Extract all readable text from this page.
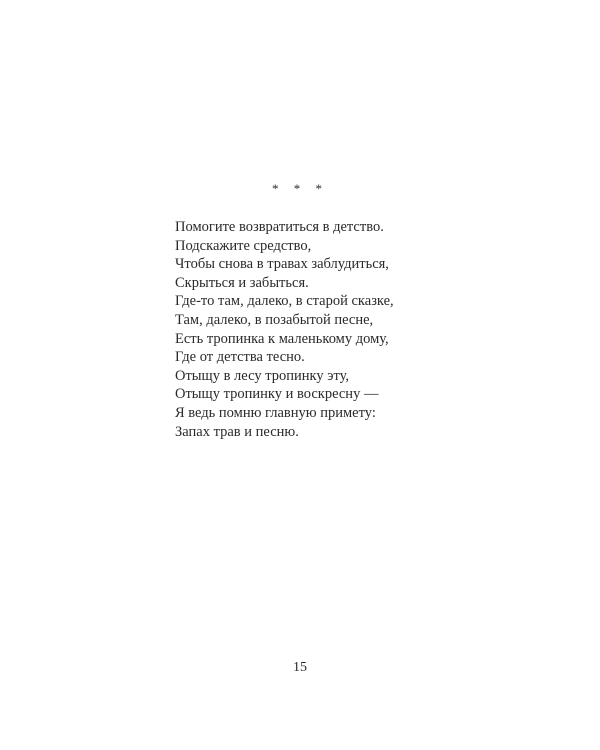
* * *
Помогите возвратиться в детство.
Подскажите средство,
Чтобы снова в травах заблудиться,
Скрыться и забыться.
Где-то там, далеко, в старой сказке,
Там, далеко, в позабытой песне,
Есть тропинка к маленькому дому,
Где от детства тесно.
Отыщу в лесу тропинку эту,
Отыщу тропинку и воскресну —
Я ведь помню главную примету:
Запах трав и песню.
15
